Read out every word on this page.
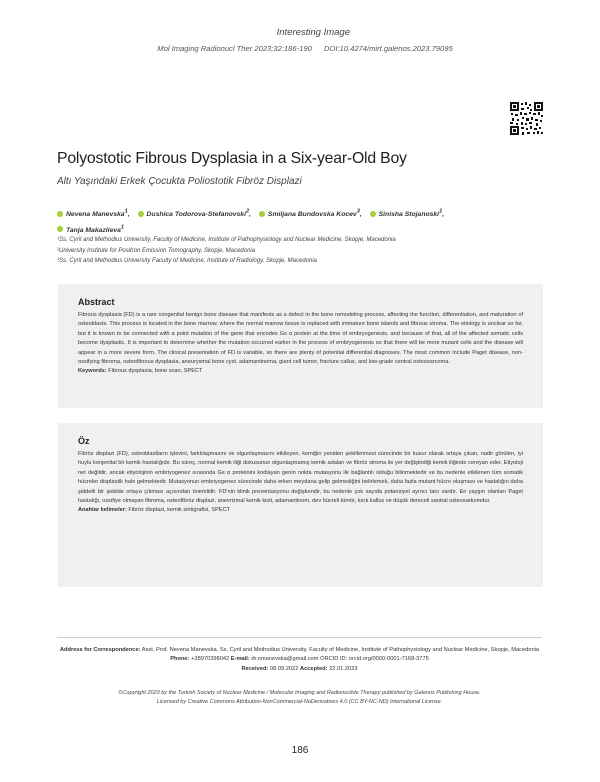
Interesting Image
Mol Imaging Radionucl Ther 2023;32:186-190 DOI:10.4274/mirt.galenos.2023.79095
Polyostotic Fibrous Dysplasia in a Six-year-Old Boy
Altı Yaşındaki Erkek Çocukta Poliostotik Fibröz Displazi
Nevena Manevska$^1$, Dushica Todorova-Stefanovski$^2$, Smiljana Bundovska Kocev$^3$, Sinisha Stojanoski$^1$,
Tanja Makazlieva$^1$
¹Ss. Cyril and Methodius University, Faculty of Medicine, Institute of Pathophysiology and Nuclear Medicine, Skopje, Macedonia
²University Institute for Positron Emission Tomography, Skopje, Macedonia
³Ss. Cyril and Methodius University Faculty of Medicine, Institute of Radiology, Skopje, Macedonia
Abstract

Fibrous dysplasia (FD) is a rare congenital benign bone disease that manifests as a defect in the bone remodeling process, affecting the function, differentiation, and maturation of osteoblasts. This process is located in the bone marrow, where the normal marrow tissue is replaced with immature bone islands and fibrous stroma. The etiology is unclear so far, but it is known to be connected with a point mutation of the gene that encodes Gs α protein at the time of embryogenesis, and because of that, all of the affected somatic cells become dysplastic. It is important to determine whether the mutation occurred earlier in the process of embryogenesis so that there will be more mutant cells and the disease will appear in a more severe form. The clinical presentation of FD is variable, so there are plenty of potential differential diagnoses. The most common include Paget disease, non-ossifying fibroma, osteofibrous dysplasia, aneurysmal bone cyst, adamantinoma, giant cell tumor, fracture callus, and low-grade central osteosarcoma.

Keywords: Fibrous dysplasia, bone scan, SPECT
Öz

Fibröz displazi (FD), osteoblastların işlevini, farklılaşmasını ve olgunlaşmasını etkileyen, kemiğin yeniden şekillenmesi sürecinde bir kusur olarak ortaya çıkan, nadir görülen, iyi huylu konjenital bir kemik hastalığıdır. Bu süreç, normal kemik iliği dokusunun olgunlaşmamış kemik adaları ve fibröz stroma ile yer değiştirdiği kemik iliğinde cereyan eder. Etiyoloji net değildir, ancak etiyolojinin embriyogenez sırasında Gs α proteinini kodlayan genin nokta mutasyonu ile bağlantılı olduğu bilinmektedir ve bu nedenle etkilenen tüm somatik hücreler displastik hale gelmektedir. Mutasyonun embriyogenez sürecinde daha erken meydana gelip gelmediğini belirlemek, daha fazla mutant hücre oluşması ve hastalığın daha şiddetli bir şekilde ortaya çıkması açısından önemlidir. FD'nin klinik prezentasyonu değişkendir, bu nedenle çok sayıda potansiyel ayırıcı tanı vardır. En yaygın olanları Paget hastalığı, ossifiye olmayan fibroma, osteofibröz displazi, anevrizmal kemik kisti, adamantinom, dev hücreli tümör, kırık kallus ve düşük dereceli santral osteosarkomdur.

Anahtar kelimeler: Fibröz displazi, kemik sintigrafisi, SPECT
Address for Correspondence: Asst. Prof. Nevena Manevska, Ss. Cyril and Methodius University, Faculty of Medicine, Institute of Pathophysiology and Nuclear Medicine, Skopje, Macedonia
Phone: +38970398042 E-mail: dr.nmanevska@gmail.com ORCID ID: orcid.org/0000-0001-7168-3775
Received: 08.09.2022 Accepted: 22.01.2023
©Copyright 2023 by the Turkish Society of Nuclear Medicine / Molecular Imaging and Radionuclide Therapy published by Galenos Publishing House.
Licensed by Creative Commons Attribution-NonCommercial-NoDerivatives 4.0 (CC BY-NC-ND) International License.
186
